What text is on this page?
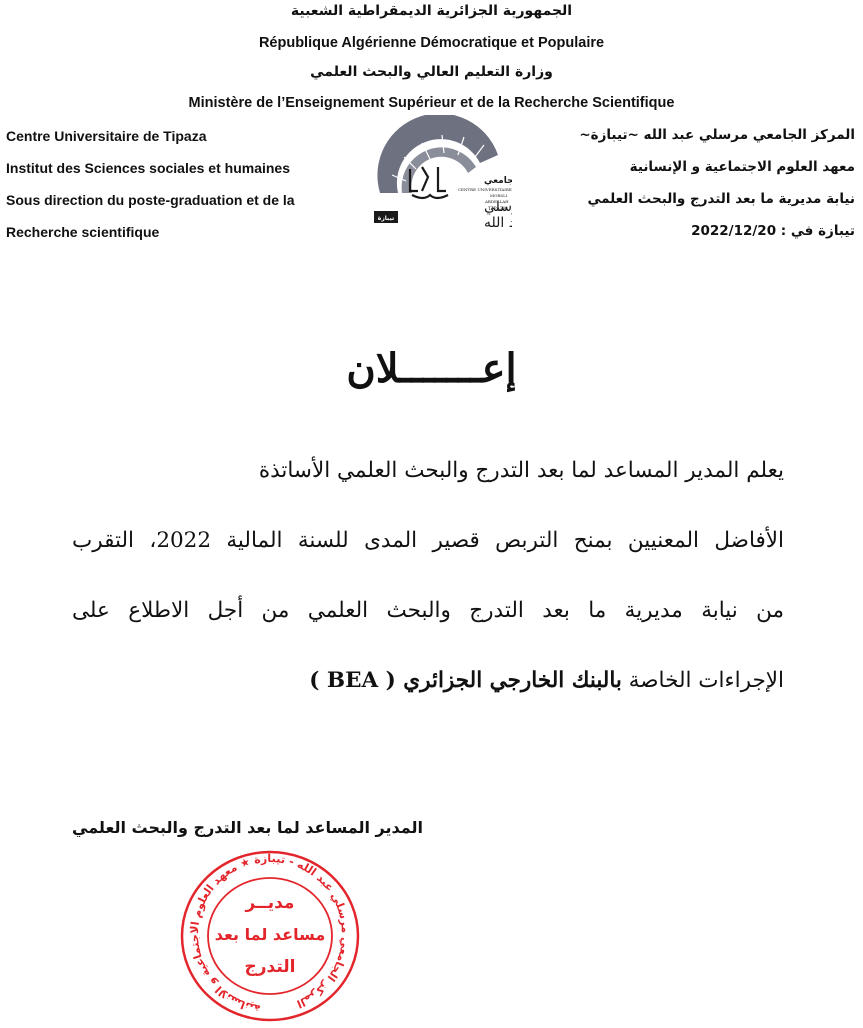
الجمهورية الجزائرية الديمقراطية الشعبية
République Algérienne Démocratique et Populaire
وزارة التعليم العالي والبحث العلمي
Ministère de l’Enseignement Supérieur et de la Recherche Scientifique
Centre Universitaire de Tipaza
Institut des Sciences sociales et humaines
Sous direction du poste-graduation et de la
Recherche scientifique
جامعي
CENTRE UNIVERSITAIRE
MORSLI
ABDELLAH
TIPAZA
سلي
الله
تيبازة
المركز الجامعي مرسلي عبد الله ~تيبازة~
معهد العلوم الاجتماعية و الإنسانية
نيابة مديرية ما بعد التدرج والبحث العلمي
تيبازة في : 2022/12/20
إعـــــــلان
يعلم المدير المساعد لما بعد التدرج والبحث العلمي الأساتذة
الأفاضل المعنيين بمنح التربص قصير المدى للسنة المالية 2022، التقرب
من نيابة مديرية ما بعد التدرج والبحث العلمي من أجل الاطلاع على
الإجراءات الخاصة بالبنك الخارجي الجزائري ( BEA )
المدير المساعد لما بعد التدرج والبحث العلمي
المركز الجامعي مرسلي عبد الله - تيبازة ★ معهد العلوم الاجتماعية و الانسانية
مديــر
مساعد لما بعد
التدرج
